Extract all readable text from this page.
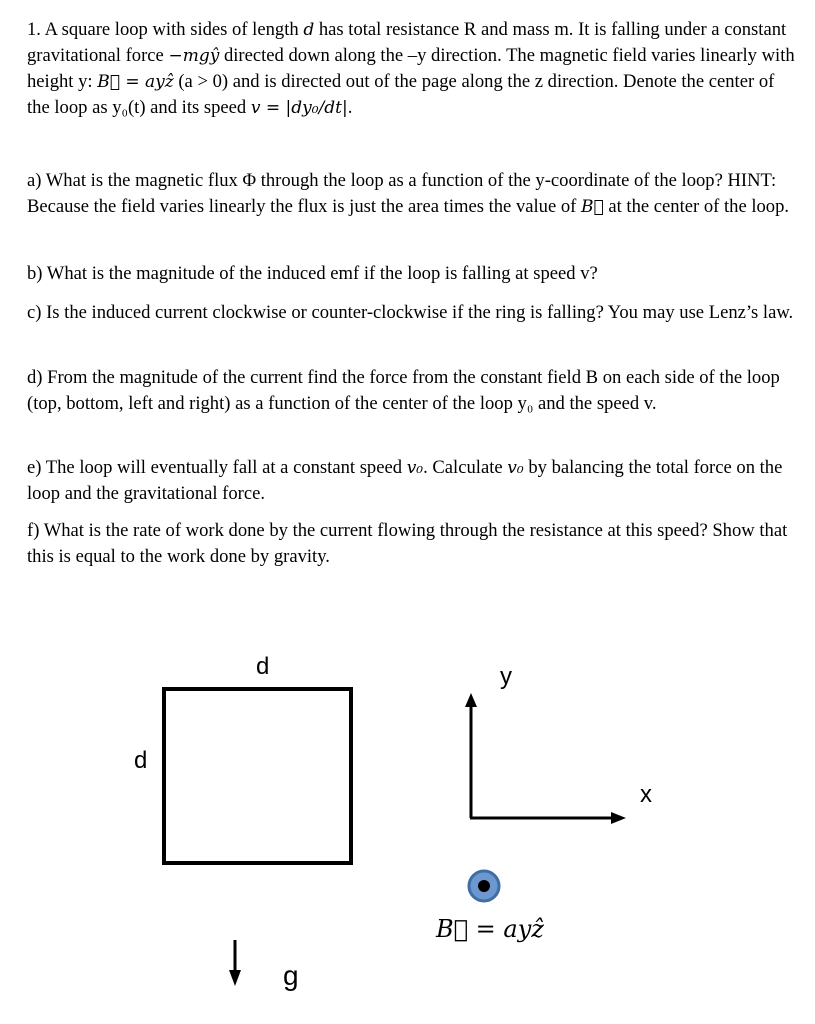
1. A square loop with sides of length d has total resistance R and mass m. It is falling under a constant gravitational force −mgŷ directed down along the –y direction. The magnetic field varies linearly with height y: B⃗ = ayẑ (a > 0) and is directed out of the page along the z direction. Denote the center of the loop as y₀(t) and its speed v = |dy₀/dt|.

a) What is the magnetic flux Φ through the loop as a function of the y-coordinate of the loop? HINT: Because the field varies linearly the flux is just the area times the value of B⃗ at the center of the loop.

b) What is the magnitude of the induced emf if the loop is falling at speed v?

c) Is the induced current clockwise or counter-clockwise if the ring is falling? You may use Lenz’s law.

d) From the magnitude of the current find the force from the constant field B on each side of the loop (top, bottom, left and right) as a function of the center of the loop y₀ and the speed v.

e) The loop will eventually fall at a constant speed v₀. Calculate v₀ by balancing the total force on the loop and the gravitational force.

f) What is the rate of work done by the current flowing through the resistance at this speed? Show that this is equal to the work done by gravity.

d
d
y
x
g
B⃗ = ayẑ
